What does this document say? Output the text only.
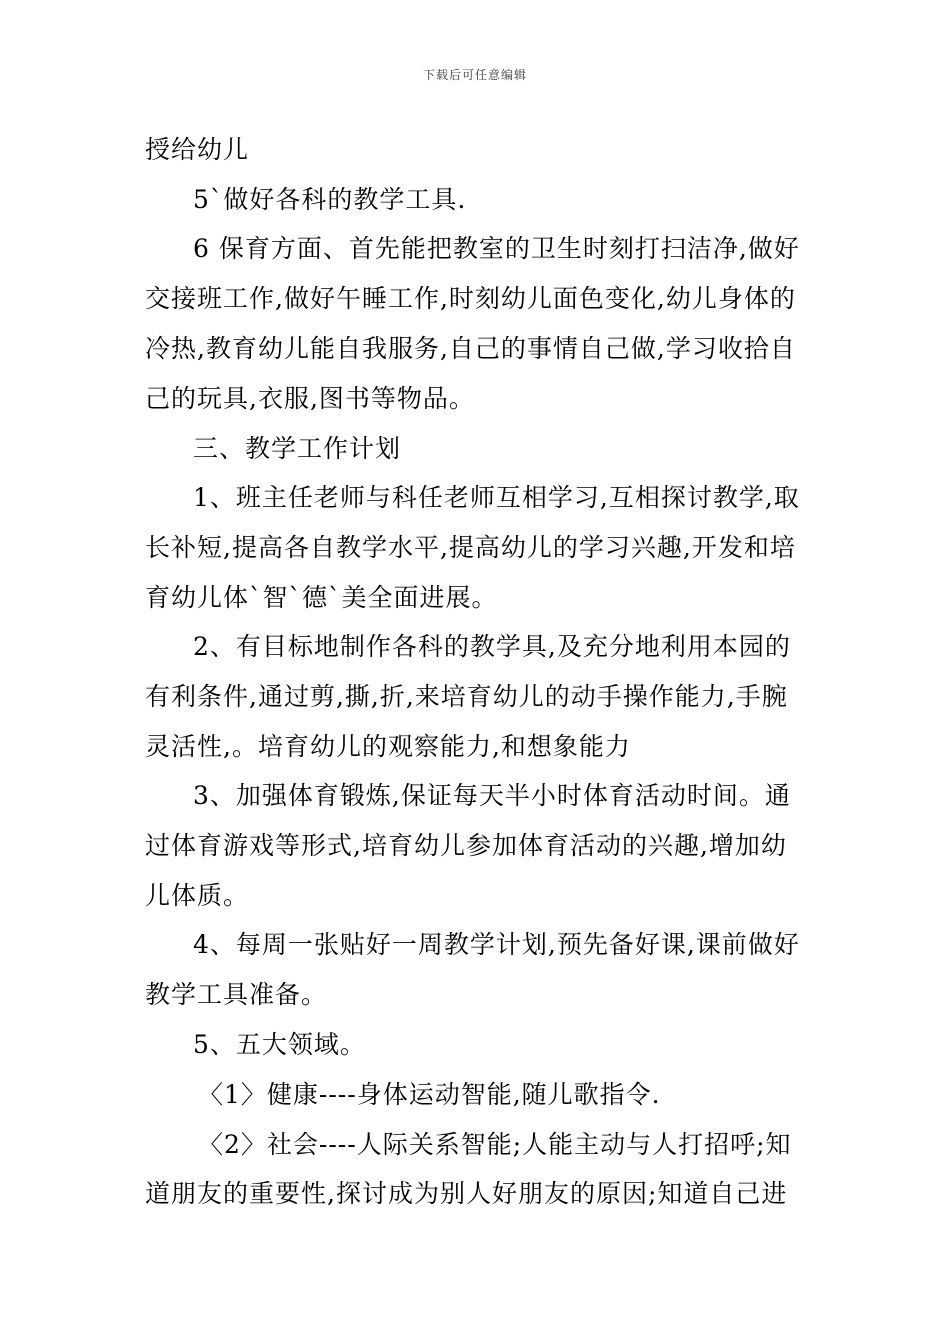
下载后可任意编辑
授给幼儿
5`做好各科的教学工具.
6 保育方面、首先能把教室的卫生时刻打扫洁净,做好
交接班工作,做好午睡工作,时刻幼儿面色变化,幼儿身体的
冷热,教育幼儿能自我服务,自己的事情自己做,学习收拾自
己的玩具,衣服,图书等物品。
三、教学工作计划
1、班主任老师与科任老师互相学习,互相探讨教学,取
长补短,提高各自教学水平,提高幼儿的学习兴趣,开发和培
育幼儿体`智`德`美全面进展。
2、有目标地制作各科的教学具,及充分地利用本园的
有利条件,通过剪,撕,折,来培育幼儿的动手操作能力,手腕
灵活性,。培育幼儿的观察能力,和想象能力
3、加强体育锻炼,保证每天半小时体育活动时间。通
过体育游戏等形式,培育幼儿参加体育活动的兴趣,增加幼
儿体质。
4、每周一张贴好一周教学计划,预先备好课,课前做好
教学工具准备。
5、五大领域。
〈1〉健康----身体运动智能,随儿歌指令.
〈2〉社会----人际关系智能;人能主动与人打招呼;知
道朋友的重要性,探讨成为别人好朋友的原因;知道自己进
